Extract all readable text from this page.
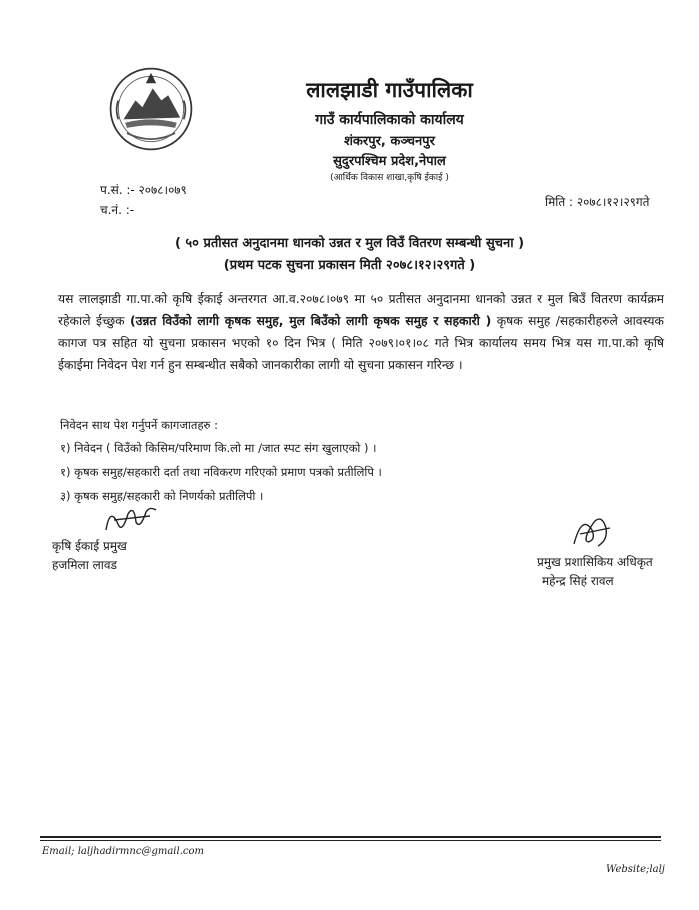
लालझाडी गाउँपालिका
गाउँ कार्यपालिकाको कार्यालय
शंकरपुर, कञ्चनपुर
सुदुरपश्चिम प्रदेश,नेपाल
(आर्थिक विकास शाखा,कृषि ईकाई )
प.सं. :- २०७८।०७९
च.नं. :-
मिति : २०७८।१२।२९गते
( ५० प्रतीसत अनुदानमा धानको उन्नत र मुल विउँ वितरण सम्बन्धी सुचना )
(प्रथम पटक सुचना प्रकासन मिती २०७८।१२।२९गते )
यस लालझाडी गा.पा.को कृषि ईकाई अन्तरगत आ.व.२०७८।०७९ मा ५० प्रतीसत अनुदानमा धानको उन्नत र मुल बिउँ वितरण कार्यक्रम रहेकाले ईच्छुक (उन्नत विउँको लागी कृषक समुह, मुल बिउँको लागी कृषक समुह र सहकारी ) कृषक समुह /सहकारीहरुले आवस्यक कागज पत्र सहित यो सुचना प्रकासन भएको १० दिन भित्र ( मिति २०७९।०१।०८ गते भित्र कार्यालय समय भित्र यस गा.पा.को कृषि ईकाईमा निवेदन पेश गर्न हुन सम्बन्धीत सबैको जानकारीका लागी यो सुचना प्रकासन गरिन्छ ।
निवेदन साथ पेश गर्नुपर्ने कागजातहरु :
१) निवेदन ( विउँको किसिम/परिमाण कि.लो मा /जात स्पट संग खुलाएको ) ।
१) कृषक समुह/सहकारी दर्ता तथा नविकरण गरिएको प्रमाण पत्रको प्रतीलिपि ।
३) कृषक समुह/सहकारी को निणर्यको प्रतीलिपी ।
कृषि ईकाई प्रमुख
हजमिला लावड	प्रमुख प्रशासिकिय अधिकृत
महेन्द्र सिहं रावल
Email; laljhadirmnc@gmail.com
Website;lalj
